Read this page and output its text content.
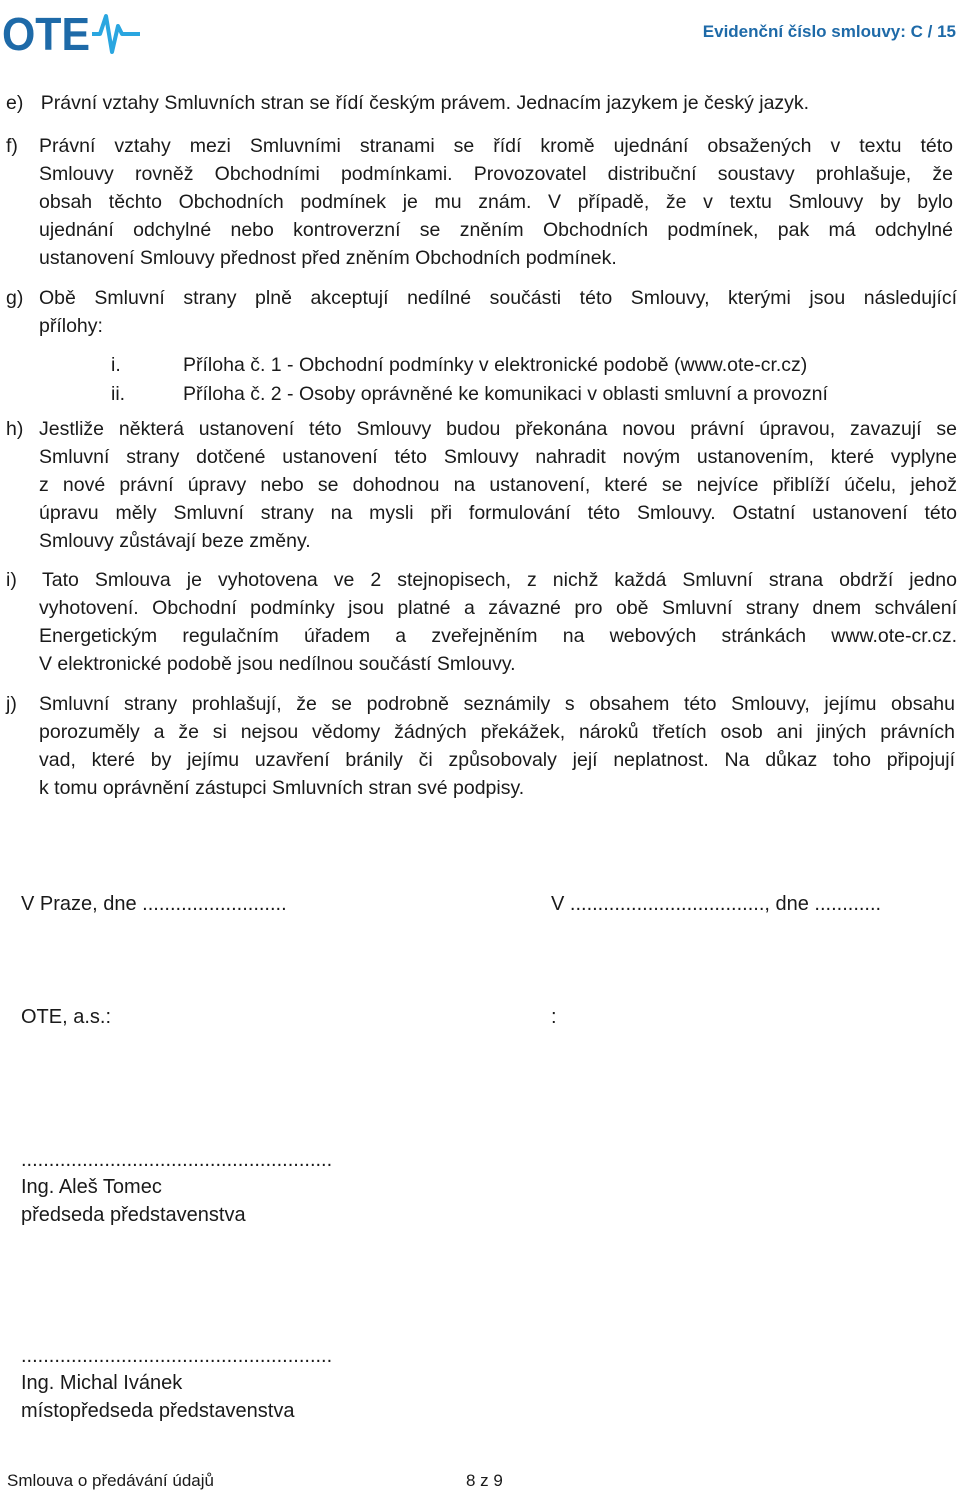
OTE	Evidenční číslo smlouvy: C / 15
e) Právní vztahy Smluvních stran se řídí českým právem. Jednacím jazykem je český jazyk.
f) Právní vztahy mezi Smluvními stranami se řídí kromě ujednání obsažených v textu této
Smlouvy rovněž Obchodními podmínkami. Provozovatel distribuční soustavy prohlašuje, že
obsah těchto Obchodních podmínek je mu znám. V případě, že v textu Smlouvy by bylo
ujednání odchylné nebo kontroverzní se zněním Obchodních podmínek, pak má odchylné
ustanovení Smlouvy přednost před zněním Obchodních podmínek.
g) Obě Smluvní strany plně akceptují nedílné součásti této Smlouvy, kterými jsou následující
přílohy:
i.	Příloha č. 1 - Obchodní podmínky v elektronické podobě (www.ote-cr.cz)
ii.	Příloha č. 2 - Osoby oprávněné ke komunikaci v oblasti smluvní a provozní
h) Jestliže některá ustanovení této Smlouvy budou překonána novou právní úpravou, zavazují se
Smluvní strany dotčené ustanovení této Smlouvy nahradit novým ustanovením, které vyplyne
z nové právní úpravy nebo se dohodnou na ustanovení, které se nejvíce přiblíží účelu, jehož
úpravu měly Smluvní strany na mysli při formulování této Smlouvy. Ostatní ustanovení této
Smlouvy zůstávají beze změny.
i) Tato Smlouva je vyhotovena ve 2 stejnopisech, z nichž každá Smluvní strana obdrží jedno
vyhotovení. Obchodní podmínky jsou platné a závazné pro obě Smluvní strany dnem schválení
Energetickým regulačním úřadem a zveřejněním na webových stránkách www.ote-cr.cz.
V elektronické podobě jsou nedílnou součástí Smlouvy.
j) Smluvní strany prohlašují, že se podrobně seznámily s obsahem této Smlouvy, jejímu obsahu
porozuměly a že si nejsou vědomy žádných překážek, nároků třetích osob ani jiných právních
vad, které by jejímu uzavření bránily či způsobovaly její neplatnost. Na důkaz toho připojují
k tomu oprávnění zástupci Smluvních stran své podpisy.
V Praze, dne ..........................	V ..................................., dne ............
OTE, a.s.:	:
........................................................
Ing. Aleš Tomec
předseda představenstva
........................................................
Ing. Michal Ivánek
místopředseda představenstva
Smlouva o předávání údajů	8 z 9
